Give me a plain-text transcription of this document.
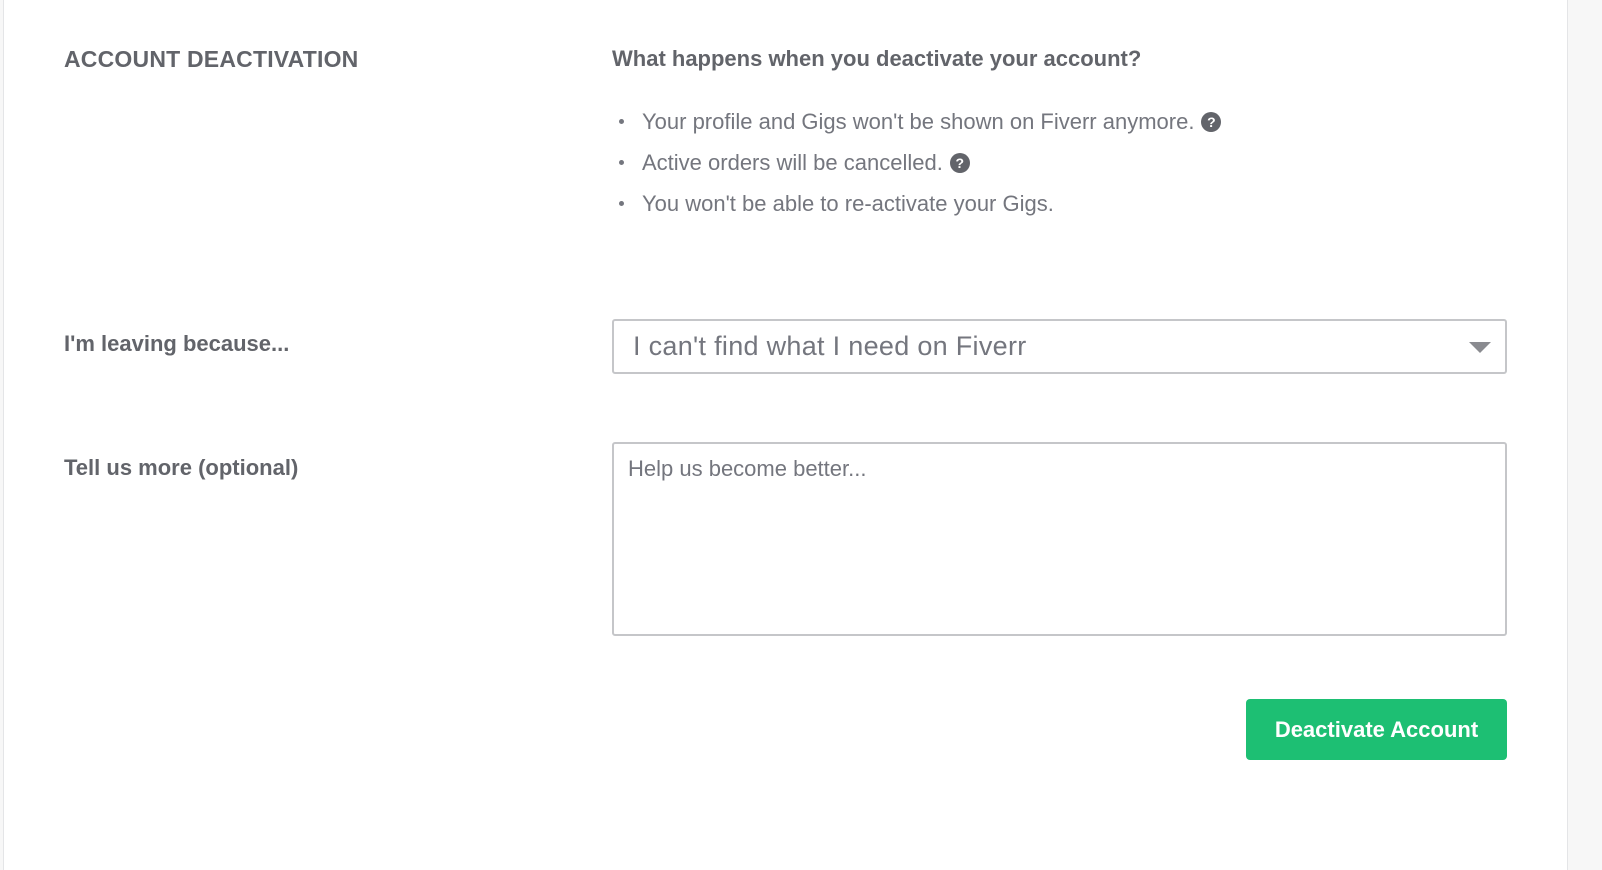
ACCOUNT DEACTIVATION	What happens when you deactivate your account?
Your profile and Gigs won't be shown on Fiverr anymore. ?
Active orders will be cancelled. ?
You won't be able to re-activate your Gigs.
I'm leaving because...	I can't find what I need on Fiverr
Tell us more (optional)
Help us become better...
Deactivate Account
